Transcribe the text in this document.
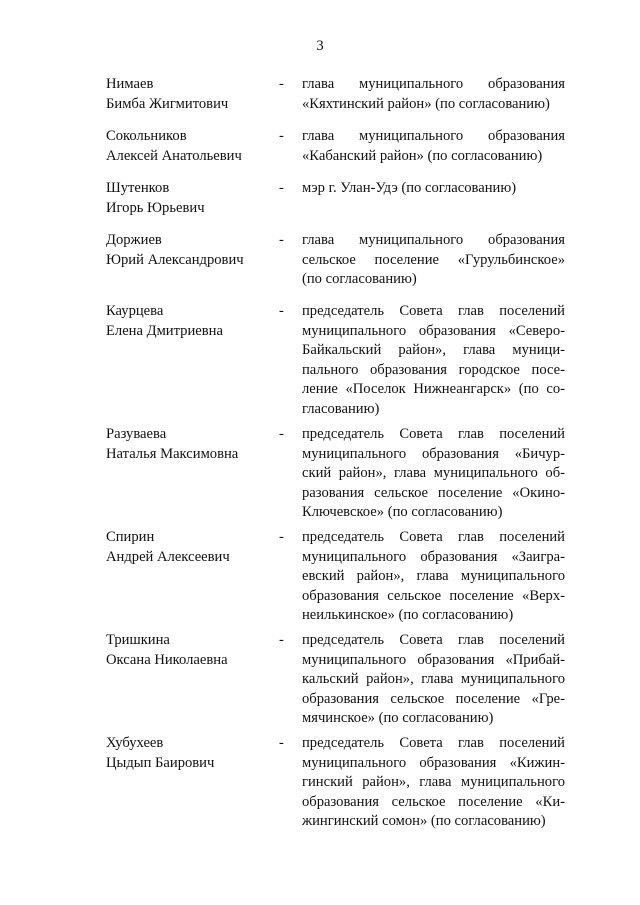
3
Нимаев
Бимба Жигмитович
- глава муниципального образования
«Кяхтинский район» (по согласованию)
Сокольников
Алексей Анатольевич
- глава муниципального образования
«Кабанский район» (по согласованию)
Шутенков
Игорь Юрьевич
- мэр г. Улан-Удэ (по согласованию)
Доржиев
Юрий Александрович
- глава муниципального образования
сельское поселение «Гурульбинское»
(по согласованию)
Каурцева
Елена Дмитриевна
- председатель Совета глав поселений
муниципального образования «Северо-
Байкальский район», глава муници-
пального образования городское посе-
ление «Поселок Нижнеангарск» (по со-
гласованию)
Разуваева
Наталья Максимовна
- председатель Совета глав поселений
муниципального образования «Бичур-
ский район», глава муниципального об-
разования сельское поселение «Окино-
Ключевское» (по согласованию)
Спирин
Андрей Алексеевич
- председатель Совета глав поселений
муниципального образования «Заигра-
евский район», глава муниципального
образования сельское поселение «Верх-
неилькинское» (по согласованию)
Тришкина
Оксана Николаевна
- председатель Совета глав поселений
муниципального образования «Прибай-
кальский район», глава муниципального
образования сельское поселение «Гре-
мячинское» (по согласованию)
Хубухеев
Цыдып Баирович
- председатель Совета глав поселений
муниципального образования «Кижин-
гинский район», глава муниципального
образования сельское поселение «Ки-
жингинский сомон» (по согласованию)
